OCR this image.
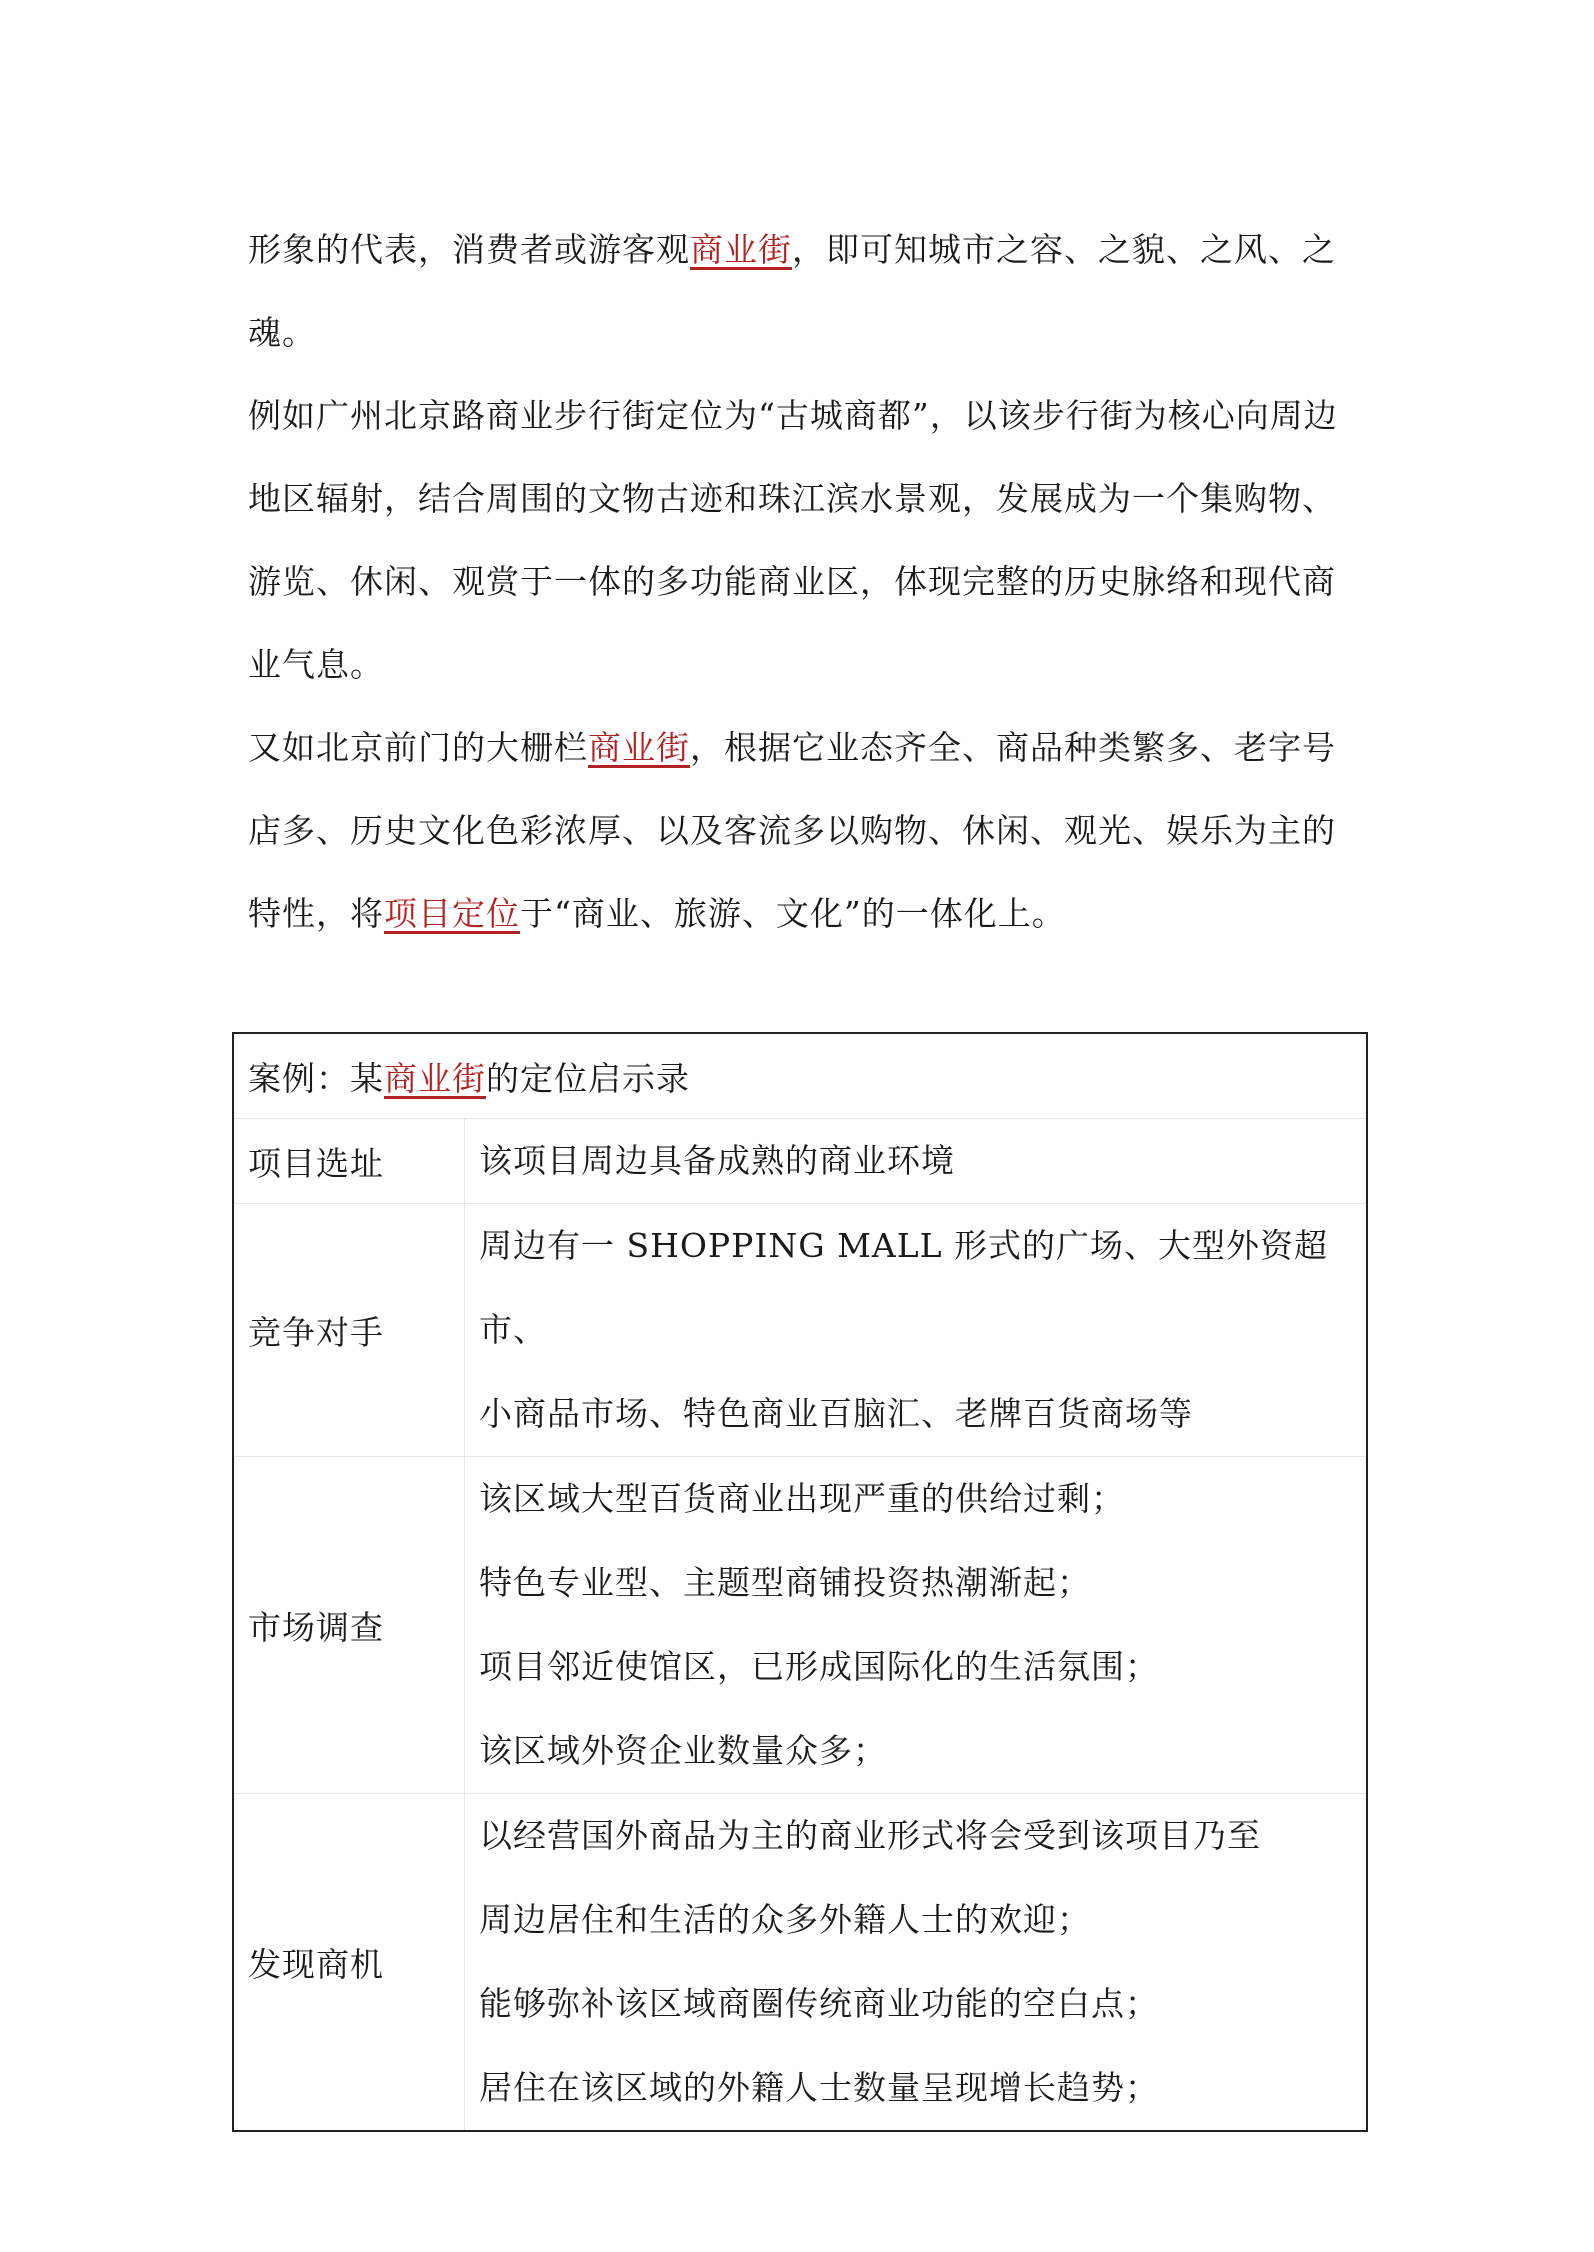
形象的代表，消费者或游客观商业街，即可知城市之容、之貌、之风、之魂。

例如广州北京路商业步行街定位为“古城商都”，以该步行街为核心向周边地区辐射，结合周围的文物古迹和珠江滨水景观，发展成为一个集购物、游览、休闲、观赏于一体的多功能商业区，体现完整的历史脉络和现代商业气息。

又如北京前门的大栅栏商业街，根据它业态齐全、商品种类繁多、老字号店多、历史文化色彩浓厚、以及客流多以购物、休闲、观光、娱乐为主的特性，将项目定位于“商业、旅游、文化”的一体化上。

案例：某商业街的定位启示录	
项目选址	该项目周边具备成熟的商业环境

竞争对手	周边有一 SHOPPING MALL 形式的广场、大型外资超市、
小商品市场、特色商业百脑汇、老牌百货商场等

市场调查	该区域大型百货商业出现严重的供给过剩；
特色专业型、主题型商铺投资热潮渐起；
项目邻近使馆区，已形成国际化的生活氛围；
该区域外资企业数量众多；

发现商机	以经营国外商品为主的商业形式将会受到该项目乃至
周边居住和生活的众多外籍人士的欢迎；
能够弥补该区域商圈传统商业功能的空白点；
居住在该区域的外籍人士数量呈现增长趋势；
